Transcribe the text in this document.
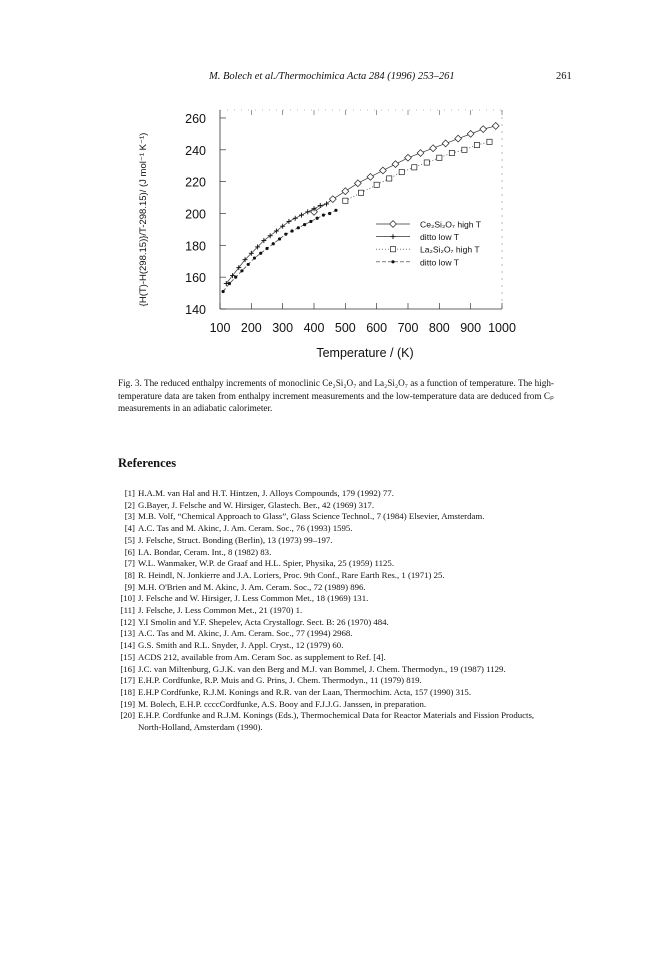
M. Bolech et al./Thermochimica Acta 284 (1996) 253–261	261
100 200 300 400 500 600 700 800 900 1000
140
160
180
200
220
240
260
Temperature / (K)
{H(T)-H(298.15)}/T-298.15)/ (J mol⁻¹ K⁻¹)	Ce₂Si₂O₇ high T
ditto low T
La₂Si₂O₇ high T
ditto low T
Fig. 3. The reduced enthalpy increments of monoclinic Ce₂Si₂O₇ and La₂Si₂O₇ as a function of temperature. The high-temperature data are taken from enthalpy increment measurements and the low-temperature data are deduced from Cₚ measurements in an adiabatic calorimeter.
References
[1] H.A.M. van Hal and H.T. Hintzen, J. Alloys Compounds, 179 (1992) 77.
[2] G.Bayer, J. Felsche and W. Hirsiger, Glastech. Ber., 42 (1969) 317.
[3] M.B. Volf, “Chemical Approach to Glass”, Glass Science Technol., 7 (1984) Elsevier, Amsterdam.
[4] A.C. Tas and M. Akinc, J. Am. Ceram. Soc., 76 (1993) 1595.
[5] J. Felsche, Struct. Bonding (Berlin), 13 (1973) 99–197.
[6] I.A. Bondar, Ceram. Int., 8 (1982) 83.
[7] W.L. Wanmaker, W.P. de Graaf and H.L. Spier, Physika, 25 (1959) 1125.
[8] R. Heindl, N. Jonkierre and J.A. Loriers, Proc. 9th Conf., Rare Earth Res., 1 (1971) 25.
[9] M.H. O'Brien and M. Akinc, J. Am. Ceram. Soc., 72 (1989) 896.
[10] J. Felsche and W. Hirsiger, J. Less Common Met., 18 (1969) 131.
[11] J. Felsche, J. Less Common Met., 21 (1970) 1.
[12] Y.I Smolin and Y.F. Shepelev, Acta Crystallogr. Sect. B: 26 (1970) 484.
[13] A.C. Tas and M. Akinc, J. Am. Ceram. Soc., 77 (1994) 2968.
[14] G.S. Smith and R.L. Snyder, J. Appl. Cryst., 12 (1979) 60.
[15] ACDS 212, available from Am. Ceram Soc. as supplement to Ref. [4].
[16] J.C. van Miltenburg, G.J.K. van den Berg and M.J. van Bommel, J. Chem. Thermodyn., 19 (1987) 1129.
[17] E.H.P. Cordfunke, R.P. Muis and G. Prins, J. Chem. Thermodyn., 11 (1979) 819.
[18] E.H.P Cordfunke, R.J.M. Konings and R.R. van der Laan, Thermochim. Acta, 157 (1990) 315.
[19] M. Bolech, E.H.P. ccccCordfunke, A.S. Booy and F.J.J.G. Janssen, in preparation.
[20] E.H.P. Cordfunke and R.J.M. Konings (Eds.), Thermochemical Data for Reactor Materials and Fission Products, North-Holland, Amsterdam (1990).
